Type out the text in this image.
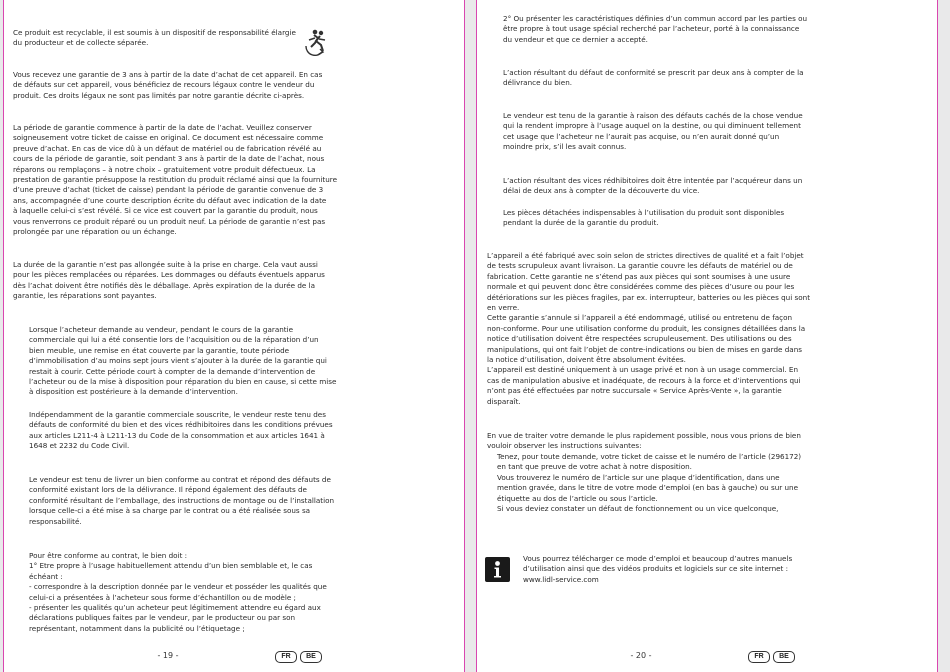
Ce produit est recyclable, il est soumis à un dispositif de responsabilité élargie
du producteur et de collecte séparée.

Vous recevez une garantie de 3 ans à partir de la date d’achat de cet appareil. En cas
de défauts sur cet appareil, vous bénéficiez de recours légaux contre le vendeur du
produit. Ces droits légaux ne sont pas limités par notre garantie décrite ci-après.

La période de garantie commence à partir de la date de l’achat. Veuillez conserver
soigneusement votre ticket de caisse en original. Ce document est nécessaire comme
preuve d’achat. En cas de vice dû à un défaut de matériel ou de fabrication révélé au
cours de la période de garantie, soit pendant 3 ans à partir de la date de l’achat, nous
réparons ou remplaçons – à notre choix – gratuitement votre produit défectueux. La
prestation de garantie présuppose la restitution du produit réclamé ainsi que la fourniture
d’une preuve d’achat (ticket de caisse) pendant la période de garantie convenue de 3
ans, accompagnée d’une courte description écrite du défaut avec indication de la date
à laquelle celui-ci s’est révélé. Si ce vice est couvert par la garantie du produit, nous
vous renverrons ce produit réparé ou un produit neuf. La période de garantie n’est pas
prolongée par une réparation ou un échange.

La durée de la garantie n’est pas allongée suite à la prise en charge. Cela vaut aussi
pour les pièces remplacées ou réparées. Les dommages ou défauts éventuels apparus
dès l’achat doivent être notifiés dès le déballage. Après expiration de la durée de la
garantie, les réparations sont payantes.

Lorsque l’acheteur demande au vendeur, pendant le cours de la garantie
commerciale qui lui a été consentie lors de l’acquisition ou de la réparation d’un
bien meuble, une remise en état couverte par la garantie, toute période
d’immobilisation d’au moins sept jours vient s’ajouter à la durée de la garantie qui
restait à courir. Cette période court à compter de la demande d’intervention de
l’acheteur ou de la mise à disposition pour réparation du bien en cause, si cette mise
à disposition est postérieure à la demande d’intervention.

Indépendamment de la garantie commerciale souscrite, le vendeur reste tenu des
défauts de conformité du bien et des vices rédhibitoires dans les conditions prévues
aux articles L211-4 à L211-13 du Code de la consommation et aux articles 1641 à
1648 et 2232 du Code Civil.

Le vendeur est tenu de livrer un bien conforme au contrat et répond des défauts de
conformité existant lors de la délivrance. Il répond également des défauts de
conformité résultant de l’emballage, des instructions de montage ou de l’installation
lorsque celle-ci a été mise à sa charge par le contrat ou a été réalisée sous sa
responsabilité.

Pour être conforme au contrat, le bien doit :
1° Etre propre à l’usage habituellement attendu d’un bien semblable et, le cas
échéant :
- correspondre à la description donnée par le vendeur et posséder les qualités que
celui-ci a présentées à l’acheteur sous forme d’échantillon ou de modèle ;
- présenter les qualités qu’un acheteur peut légitimement attendre eu égard aux
déclarations publiques faites par le vendeur, par le producteur ou par son
représentant, notamment dans la publicité ou l’étiquetage ;

- 19 -	FR	BE

2° Ou présenter les caractéristiques définies d’un commun accord par les parties ou
être propre à tout usage spécial recherché par l’acheteur, porté à la connaissance
du vendeur et que ce dernier a accepté.

L’action résultant du défaut de conformité se prescrit par deux ans à compter de la
délivrance du bien.

Le vendeur est tenu de la garantie à raison des défauts cachés de la chose vendue
qui la rendent impropre à l’usage auquel on la destine, ou qui diminuent tellement
cet usage que l’acheteur ne l’aurait pas acquise, ou n’en aurait donné qu’un
moindre prix, s’il les avait connus.

L’action résultant des vices rédhibitoires doit être intentée par l’acquéreur dans un
délai de deux ans à compter de la découverte du vice.

Les pièces détachées indispensables à l’utilisation du produit sont disponibles
pendant la durée de la garantie du produit.

L’appareil a été fabriqué avec soin selon de strictes directives de qualité et a fait l’objet
de tests scrupuleux avant livraison. La garantie couvre les défauts de matériel ou de
fabrication. Cette garantie ne s’étend pas aux pièces qui sont soumises à une usure
normale et qui peuvent donc être considérées comme des pièces d’usure ou pour les
détériorations sur les pièces fragiles, par ex. interrupteur, batteries ou les pièces qui sont
en verre.
Cette garantie s’annule si l’appareil a été endommagé, utilisé ou entretenu de façon
non-conforme. Pour une utilisation conforme du produit, les consignes détaillées dans la
notice d’utilisation doivent être respectées scrupuleusement. Des utilisations ou des
manipulations, qui ont fait l’objet de contre-indications ou bien de mises en garde dans
la notice d’utilisation, doivent être absolument évitées.
L’appareil est destiné uniquement à un usage privé et non à un usage commercial. En
cas de manipulation abusive et inadéquate, de recours à la force et d’interventions qui
n’ont pas été effectuées par notre succursale « Service Après-Vente », la garantie
disparaît.

En vue de traiter votre demande le plus rapidement possible, nous vous prions de bien
vouloir observer les instructions suivantes:

Tenez, pour toute demande, votre ticket de caisse et le numéro de l’article (296172)
en tant que preuve de votre achat à notre disposition.
Vous trouverez le numéro de l’article sur une plaque d’identification, dans une
mention gravée, dans le titre de votre mode d’emploi (en bas à gauche) ou sur une
étiquette au dos de l’article ou sous l’article.
Si vous deviez constater un défaut de fonctionnement ou un vice quelconque,

Vous pourrez télécharger ce mode d’emploi et beaucoup d’autres manuels
d’utilisation ainsi que des vidéos produits et logiciels sur ce site internet :
www.lidl-service.com

- 20 -	FR	BE
